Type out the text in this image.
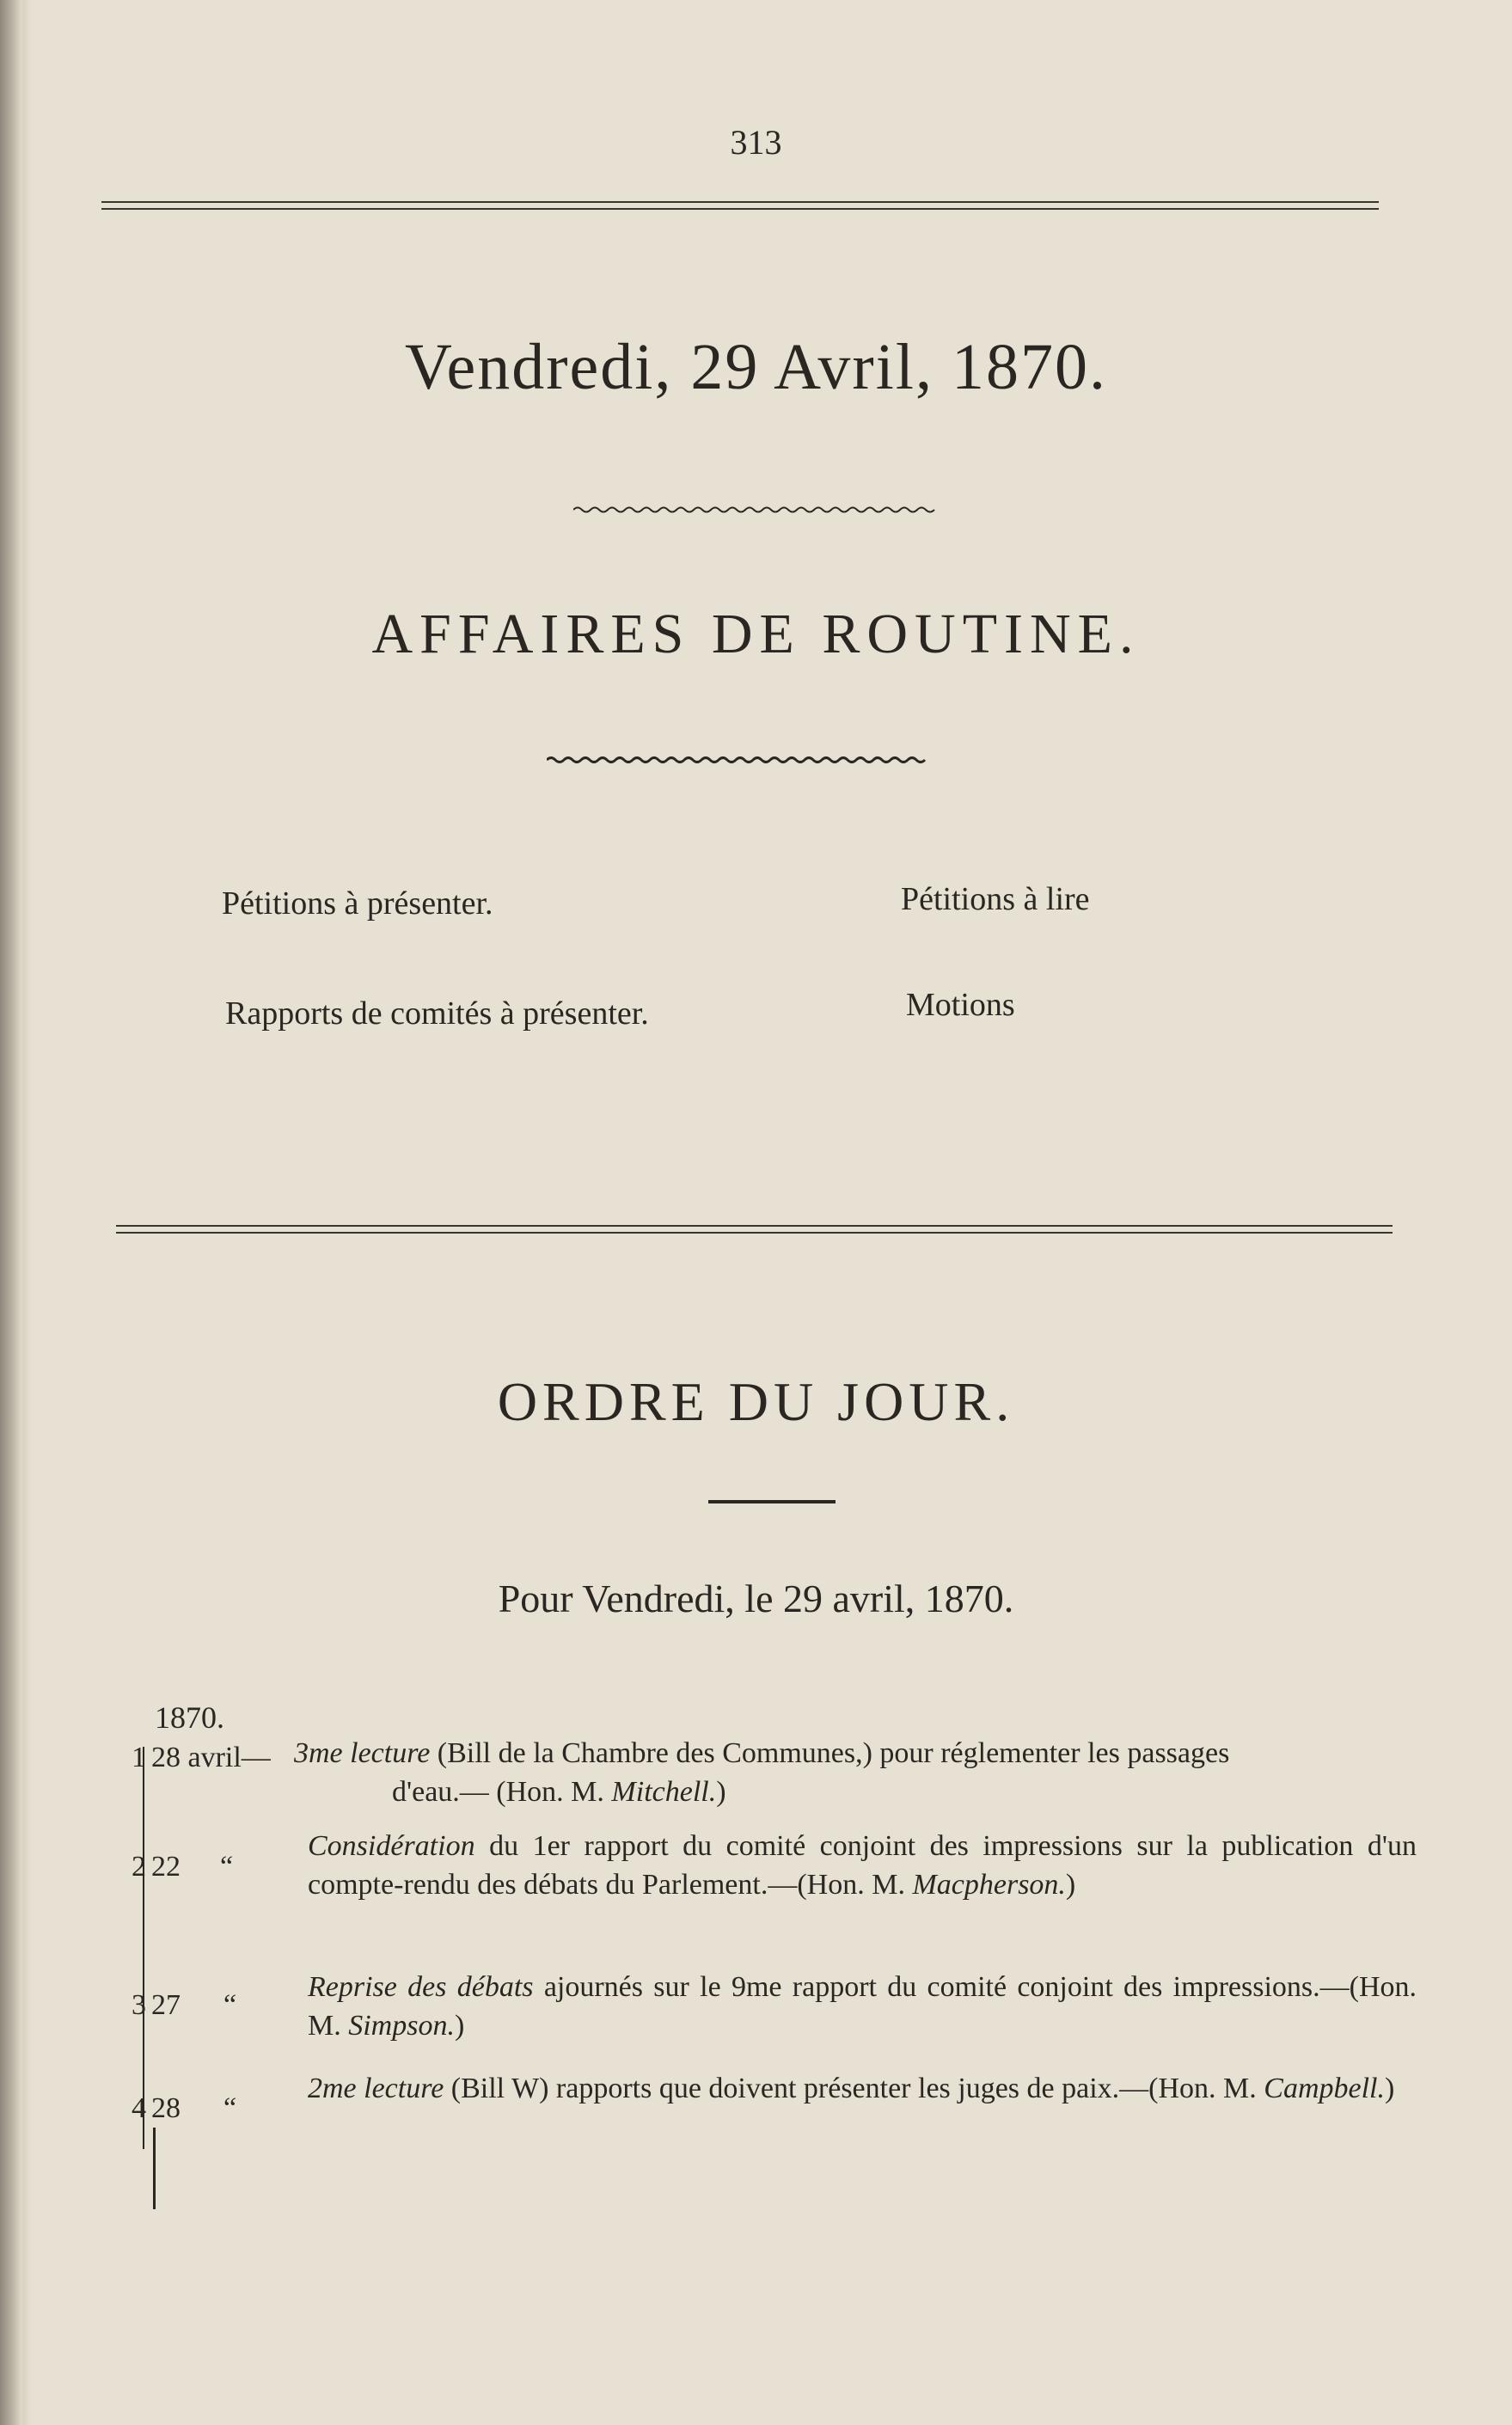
313
Vendredi, 29 Avril, 1870.
AFFAIRES DE ROUTINE.
Pétitions à présenter.	Pétitions à lire
Rapports de comités à présenter.	Motions
ORDRE DU JOUR.
Pour Vendredi, le 29 avril, 1870.
1870.
1 28 avril— 3me lecture (Bill de la Chambre des Communes,) pour réglementer les passages
d'eau.— (Hon. M. Mitchell.)
2 22 “
Considération du 1er rapport du comité conjoint des impressions sur la publication d'un compte-rendu des débats du Parlement.—(Hon. M. Macpherson.)
3 27 “
Reprise des débats ajournés sur le 9me rapport du comité conjoint des impressions.—(Hon. M. Simpson.)
4 28 “
2me lecture (Bill W) rapports que doivent présenter les juges de paix.—(Hon. M. Campbell.)
